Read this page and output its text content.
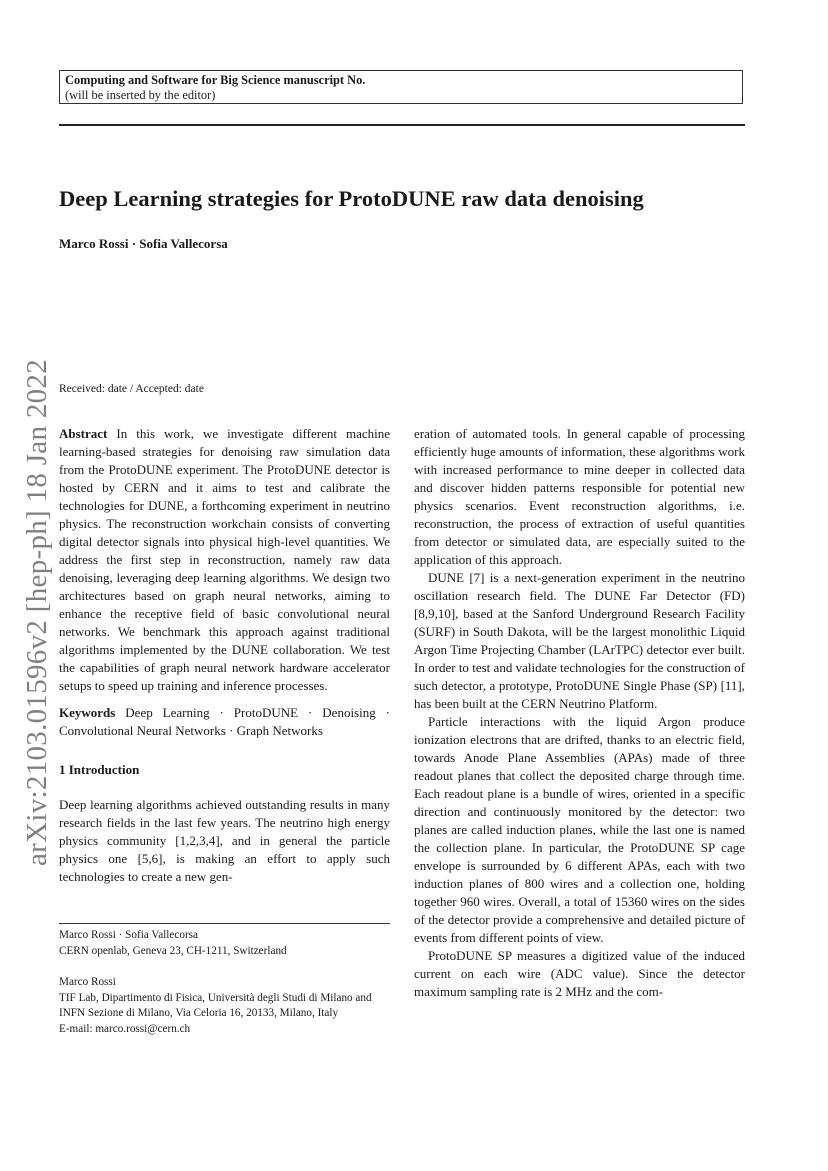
Computing and Software for Big Science manuscript No.
(will be inserted by the editor)
Deep Learning strategies for ProtoDUNE raw data denoising
Marco Rossi · Sofia Vallecorsa
arXiv:2103.01596v2 [hep-ph] 18 Jan 2022 Received: date / Accepted: date

Abstract In this work, we investigate different machine learning-based strategies for denoising raw simulation data from the ProtoDUNE experiment. The ProtoDUNE detector is hosted by CERN and it aims to test and calibrate the technologies for DUNE, a forthcoming experiment in neutrino physics. The reconstruction workchain consists of converting digital detector signals into physical high-level quantities. We address the first step in reconstruction, namely raw data denoising, leveraging deep learning algorithms. We design two architectures based on graph neural networks, aiming to enhance the receptive field of basic convolutional neural networks. We benchmark this approach against traditional algorithms implemented by the DUNE collaboration. We test the capabilities of graph neural network hardware accelerator setups to speed up training and inference processes.

Keywords Deep Learning · ProtoDUNE · Denoising · Convolutional Neural Networks · Graph Networks

1 Introduction

Deep learning algorithms achieved outstanding results in many research fields in the last few years. The neutrino high energy physics community [1,2,3,4], and in general the particle physics one [5,6], is making an effort to apply such technologies to create a new gen-

Marco Rossi · Sofia Vallecorsa
CERN openlab, Geneva 23, CH-1211, Switzerland
Marco Rossi
TIF Lab, Dipartimento di Fisica, Università degli Studi di Milano and INFN Sezione di Milano, Via Celoria 16, 20133, Milano, Italy
E-mail: marco.rossi@cern.ch

eration of automated tools. In general capable of processing efficiently huge amounts of information, these algorithms work with increased performance to mine deeper in collected data and discover hidden patterns responsible for potential new physics scenarios. Event reconstruction algorithms, i.e. reconstruction, the process of extraction of useful quantities from detector or simulated data, are especially suited to the application of this approach.

DUNE [7] is a next-generation experiment in the neutrino oscillation research field. The DUNE Far Detector (FD) [8,9,10], based at the Sanford Underground Research Facility (SURF) in South Dakota, will be the largest monolithic Liquid Argon Time Projecting Chamber (LArTPC) detector ever built. In order to test and validate technologies for the construction of such detector, a prototype, ProtoDUNE Single Phase (SP) [11], has been built at the CERN Neutrino Platform.

Particle interactions with the liquid Argon produce ionization electrons that are drifted, thanks to an electric field, towards Anode Plane Assemblies (APAs) made of three readout planes that collect the deposited charge through time. Each readout plane is a bundle of wires, oriented in a specific direction and continuously monitored by the detector: two planes are called induction planes, while the last one is named the collection plane. In particular, the ProtoDUNE SP cage envelope is surrounded by 6 different APAs, each with two induction planes of 800 wires and a collection one, holding together 960 wires. Overall, a total of 15360 wires on the sides of the detector provide a comprehensive and detailed picture of events from different points of view.

ProtoDUNE SP measures a digitized value of the induced current on each wire (ADC value). Since the detector maximum sampling rate is 2 MHz and the com-
